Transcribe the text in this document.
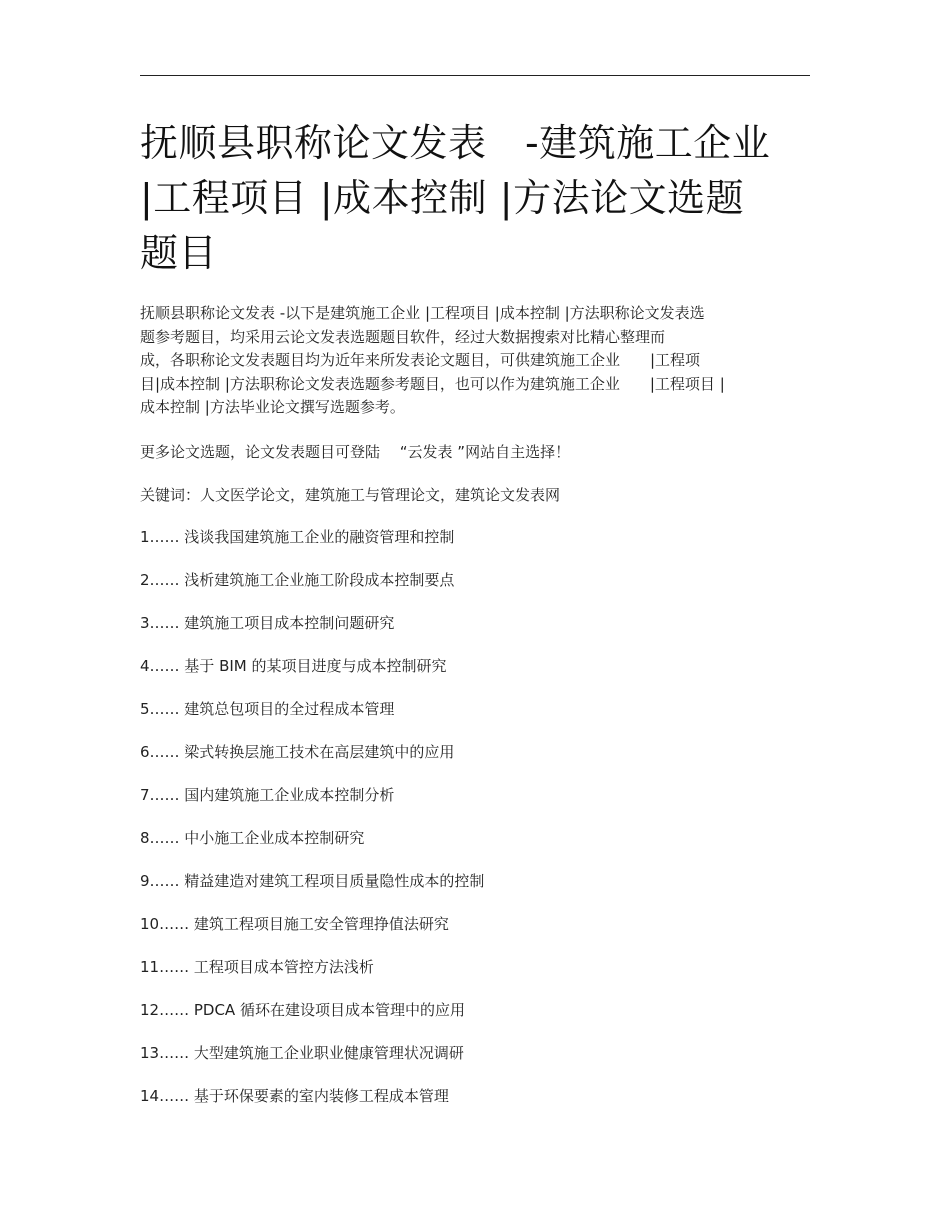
抚顺县职称论文发表　-建筑施工企业
|工程项目 |成本控制 |方法论文选题
题目
抚顺县职称论文发表 -以下是建筑施工企业 |工程项目 |成本控制 |方法职称论文发表选
题参考题目，均采用云论文发表选题题目软件，经过大数据搜索对比精心整理而
成，各职称论文发表题目均为近年来所发表论文题目，可供建筑施工企业　　|工程项
目|成本控制 |方法职称论文发表选题参考题目，也可以作为建筑施工企业　　|工程项目 |
成本控制 |方法毕业论文撰写选题参考。
更多论文选题，论文发表题目可登陆　 “云发表 ”网站自主选择！
关键词：人文医学论文，建筑施工与管理论文，建筑论文发表网
1…… 浅谈我国建筑施工企业的融资管理和控制
2…… 浅析建筑施工企业施工阶段成本控制要点
3…… 建筑施工项目成本控制问题研究
4…… 基于 BIM 的某项目进度与成本控制研究
5…… 建筑总包项目的全过程成本管理
6…… 梁式转换层施工技术在高层建筑中的应用
7…… 国内建筑施工企业成本控制分析
8…… 中小施工企业成本控制研究
9…… 精益建造对建筑工程项目质量隐性成本的控制
10…… 建筑工程项目施工安全管理挣值法研究
11…… 工程项目成本管控方法浅析
12…… PDCA 循环在建设项目成本管理中的应用
13…… 大型建筑施工企业职业健康管理状况调研
14…… 基于环保要素的室内装修工程成本管理
